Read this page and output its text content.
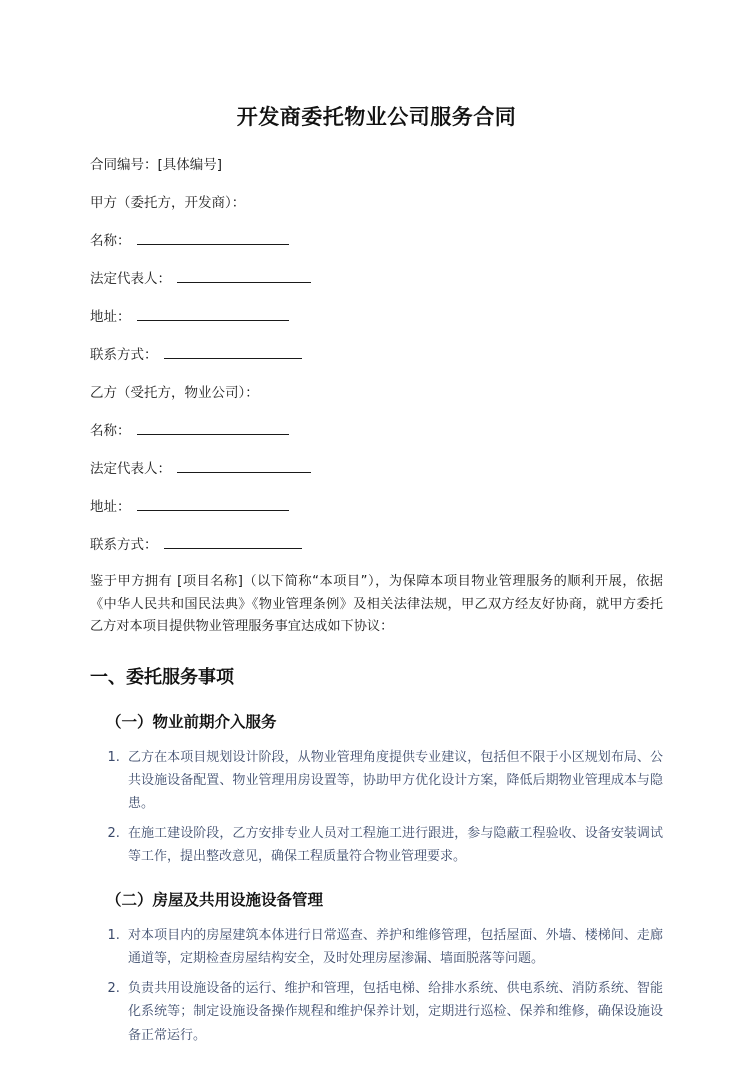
开发商委托物业公司服务合同
合同编号：[具体编号]
甲方（委托方，开发商）：
名称：
法定代表人：
地址：
联系方式：
乙方（受托方，物业公司）：
名称：
法定代表人：
地址：
联系方式：

鉴于甲方拥有 [项目名称]（以下简称“本项目”），为保障本项目物业管理服务的顺利开展，依据《中华人民共和国民法典》《物业管理条例》及相关法律法规，甲乙双方经友好协商，就甲方委托乙方对本项目提供物业管理服务事宜达成如下协议：

一、委托服务事项
（一）物业前期介入服务
1. 乙方在本项目规划设计阶段，从物业管理角度提供专业建议，包括但不限于小区规划布局、公共设施设备配置、物业管理用房设置等，协助甲方优化设计方案，降低后期物业管理成本与隐患。
2. 在施工建设阶段，乙方安排专业人员对工程施工进行跟进，参与隐蔽工程验收、设备安装调试等工作，提出整改意见，确保工程质量符合物业管理要求。
（二）房屋及共用设施设备管理
1. 对本项目内的房屋建筑本体进行日常巡查、养护和维修管理，包括屋面、外墙、楼梯间、走廊通道等，定期检查房屋结构安全，及时处理房屋渗漏、墙面脱落等问题。
2. 负责共用设施设备的运行、维护和管理，包括电梯、给排水系统、供电系统、消防系统、智能化系统等；制定设施设备操作规程和维护保养计划，定期进行巡检、保养和维修，确保设施设备正常运行。
